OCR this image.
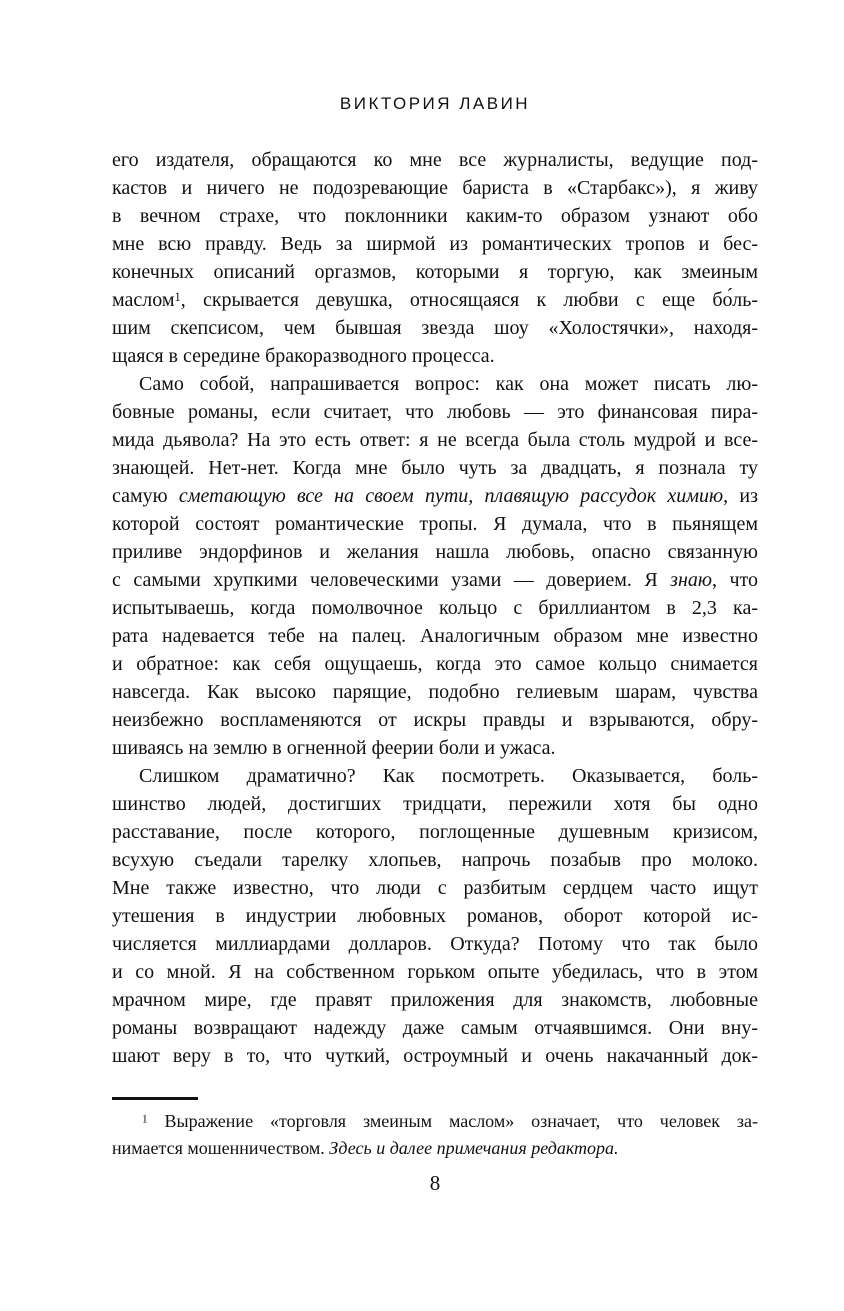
ВИКТОРИЯ ЛАВИН
его издателя, обращаются ко мне все журналисты, ведущие под-
кастов и ничего не подозревающие бариста в «Старбакс»), я живу
в вечном страхе, что поклонники каким-то образом узнают обо
мне всю правду. Ведь за ширмой из романтических тропов и бес-
конечных описаний оргазмов, которыми я торгую, как змеиным
маслом$^1$, скрывается девушка, относящаяся к любви с еще бо́ль-
шим скепсисом, чем бывшая звезда шоу «Холостячки», находя-
щаяся в середине бракоразводного процесса.
Само собой, напрашивается вопрос: как она может писать лю-
бовные романы, если считает, что любовь — это финансовая пира-
мида дьявола? На это есть ответ: я не всегда была столь мудрой и все-
знающей. Нет-нет. Когда мне было чуть за двадцать, я познала ту
самую сметающую все на своем пути, плавящую рассудок химию, из
которой состоят романтические тропы. Я думала, что в пьянящем
приливе эндорфинов и желания нашла любовь, опасно связанную
с самыми хрупкими человеческими узами — доверием. Я знаю, что
испытываешь, когда помолвочное кольцо с бриллиантом в 2,3 ка-
рата надевается тебе на палец. Аналогичным образом мне известно
и обратное: как себя ощущаешь, когда это самое кольцо снимается
навсегда. Как высоко парящие, подобно гелиевым шарам, чувства
неизбежно воспламеняются от искры правды и взрываются, обру-
шиваясь на землю в огненной феерии боли и ужаса.
Слишком драматично? Как посмотреть. Оказывается, боль-
шинство людей, достигших тридцати, пережили хотя бы одно
расставание, после которого, поглощенные душевным кризисом,
всухую съедали тарелку хлопьев, напрочь позабыв про молоко.
Мне также известно, что люди с разбитым сердцем часто ищут
утешения в индустрии любовных романов, оборот которой ис-
числяется миллиардами долларов. Откуда? Потому что так было
и со мной. Я на собственном горьком опыте убедилась, что в этом
мрачном мире, где правят приложения для знакомств, любовные
романы возвращают надежду даже самым отчаявшимся. Они вну-
шают веру в то, что чуткий, остроумный и очень накачанный док-
$^1$ Выражение «торговля змеиным маслом» означает, что человек за-
нимается мошенничеством. Здесь и далее примечания редактора.
8
